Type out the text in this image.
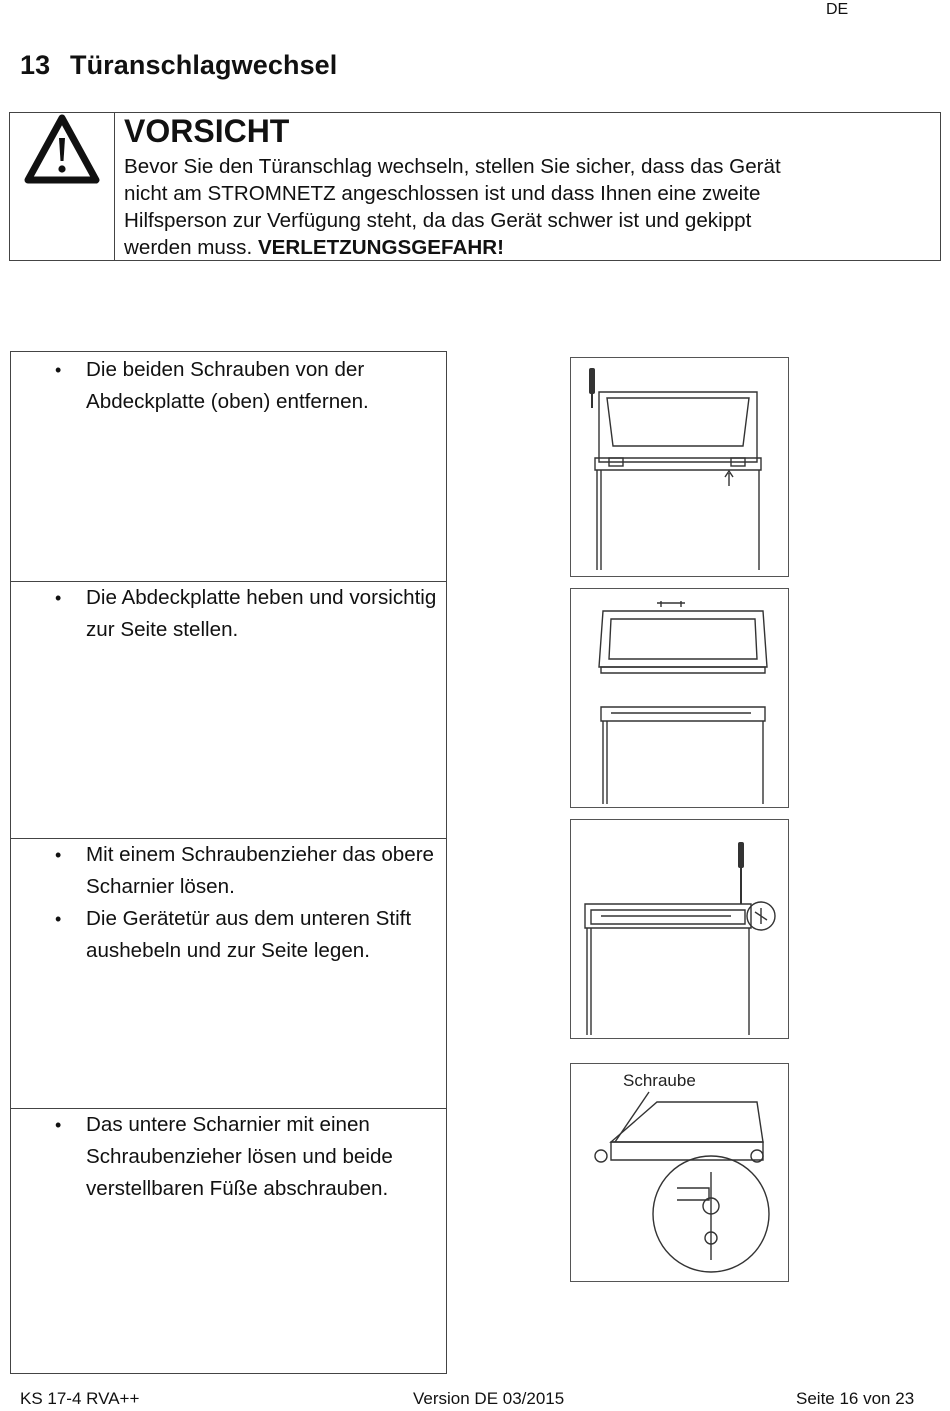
DE
13 Türanschlagwechsel
VORSICHT
Bevor Sie den Türanschlag wechseln, stellen Sie sicher, dass das Gerät
nicht am STROMNETZ angeschlossen ist und dass Ihnen eine zweite
Hilfsperson zur Verfügung steht, da das Gerät schwer ist und gekippt
werden muss. VERLETZUNGSGEFAHR!
• Die beiden Schrauben von der Abdeckplatte (oben) entfernen.
• Die Abdeckplatte heben und vorsichtig zur Seite stellen.
• Mit einem Schraubenzieher das obere Scharnier lösen.
• Die Gerätetür aus dem unteren Stift aushebeln und zur Seite legen.
• Das untere Scharnier mit einen Schraubenzieher lösen und beide verstellbaren Füße abschrauben.
Schraube
KS 17-4 RVA++	Version DE 03/2015	Seite 16 von 23
